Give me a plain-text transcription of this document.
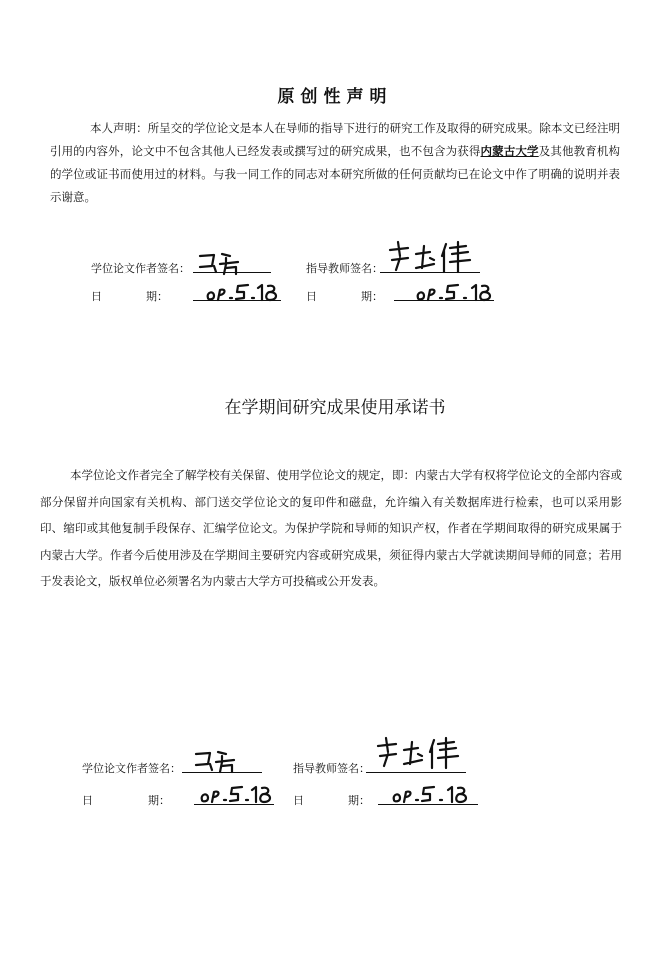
原创性声明
本人声明：所呈交的学位论文是本人在导师的指导下进行的研究工作及取得的研究成果。除本文已经注明引用的内容外，论文中不包含其他人已经发表或撰写过的研究成果，也不包含为获得内蒙古大学及其他教育机构的学位或证书而使用过的材料。与我一同工作的同志对本研究所做的任何贡献均已在论文中作了明确的说明并表示谢意。
学位论文作者签名：	指导教师签名：
日　　　　期：	日　　　　期：
在学期间研究成果使用承诺书
本学位论文作者完全了解学校有关保留、使用学位论文的规定，即：内蒙古大学有权将学位论文的全部内容或部分保留并向国家有关机构、部门送交学位论文的复印件和磁盘，允许编入有关数据库进行检索，也可以采用影印、缩印或其他复制手段保存、汇编学位论文。为保护学院和导师的知识产权，作者在学期间取得的研究成果属于内蒙古大学。作者今后使用涉及在学期间主要研究内容或研究成果，须征得内蒙古大学就读期间导师的同意；若用于发表论文，版权单位必须署名为内蒙古大学方可投稿或公开发表。
学位论文作者签名：	指导教师签名：
日　　　　　期：	日　　　　期：
